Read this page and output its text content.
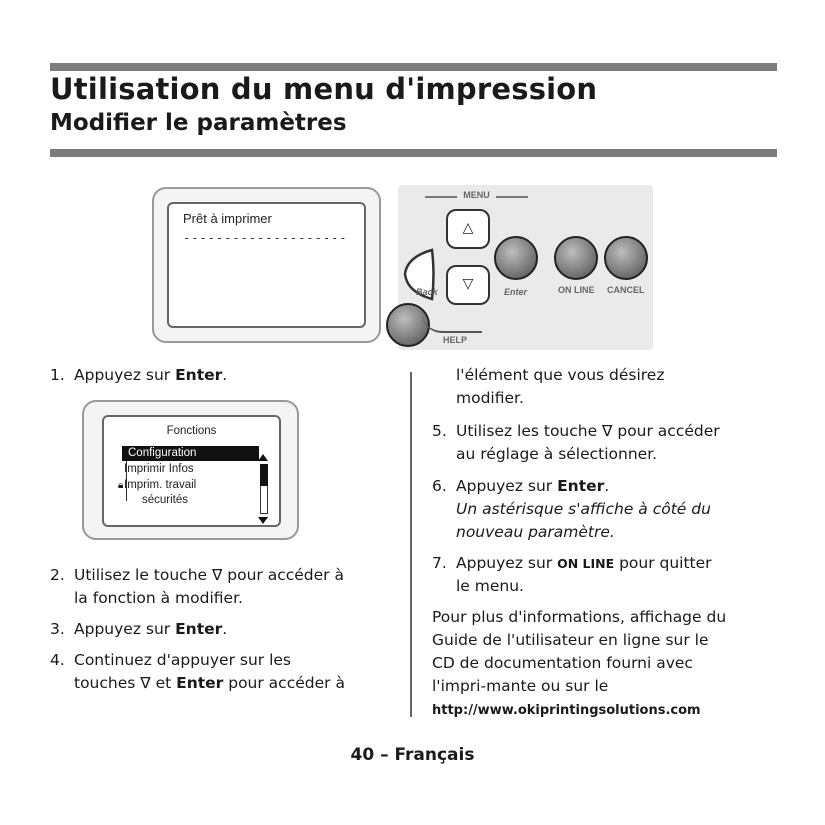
Utilisation du menu d'impression
Modifier le paramètres
Prêt à imprimer
--------------------
MENU
△
▽
Back	Enter	ON LINE CANCEL
HELP
1. Appuyez sur Enter.
2. Utilisez le touche ∇ pour accéder à
la fonction à modifier.
3. Appuyez sur Enter.
4. Continuez d'appuyer sur les
touches ∇ et Enter pour accéder à
Fonctions
Configuration
Imprimir Infos
🔒︎ Imprim. travail
sécurités
l'élément que vous désirez
modifier.
5. Utilisez les touche ∇ pour accéder
au réglage à sélectionner.
6. Appuyez sur Enter.
Un astérisque s'affiche à côté du
nouveau paramètre.
7. Appuyez sur ON LINE pour quitter
le menu.
Pour plus d'informations, affichage du
Guide de l'utilisateur en ligne sur le
CD de documentation fourni avec
l'impri-mante ou sur le
http://www.okiprintingsolutions.com
40 – Français
